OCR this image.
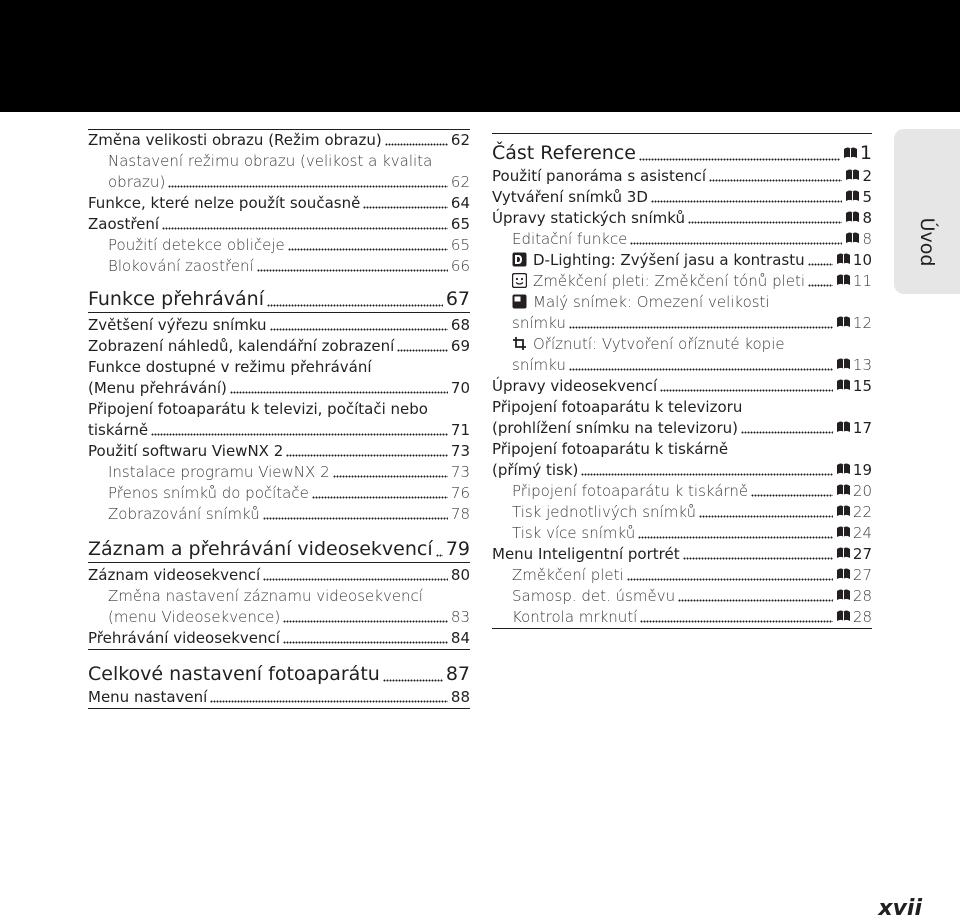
Změna velikosti obrazu (Režim obrazu)	62
Nastavení režimu obrazu (velikost a kvalita
obrazu)	62
Funkce, které nelze použít současně	64
Zaostření	65
Použití detekce obličeje	65
Blokování zaostření	66
Funkce přehrávání	67
Zvětšení výřezu snímku	68
Zobrazení náhledů, kalendářní zobrazení	69
Funkce dostupné v režimu přehrávání
(Menu přehrávání)	70
Připojení fotoaparátu k televizi, počítači nebo
tiskárně	71
Použití softwaru ViewNX 2	73
Instalace programu ViewNX 2	73
Přenos snímků do počítače	76
Zobrazování snímků	78
Záznam a přehrávání videosekvencí 79
Záznam videosekvencí	80
Změna nastavení záznamu videosekvencí
(menu Videosekvence)	83
Přehrávání videosekvencí	84
Celkové nastavení fotoaparátu	87
Menu nastavení	88
Část Reference	1
Použití panoráma s asistencí	2
Vytváření snímků 3D	5
Úpravy statických snímků	8
Editační funkce	8
D-Lighting: Zvýšení jasu a kontrastu	10
Změkčení pleti: Změkčení tónů pleti	11
Malý snímek: Omezení velikosti
snímku	12
Oříznutí: Vytvoření oříznuté kopie
snímku	13
Úpravy videosekvencí	15
Připojení fotoaparátu k televizoru
(prohlížení snímku na televizoru)	17
Připojení fotoaparátu k tiskárně
(přímý tisk)	19
Připojení fotoaparátu k tiskárně	20
Tisk jednotlivých snímků	22
Tisk více snímků	24
Menu Inteligentní portrét	27
Změkčení pleti	27
Samosp. det. úsměvu	28
Kontrola mrknutí	28
Úvod
xvii
